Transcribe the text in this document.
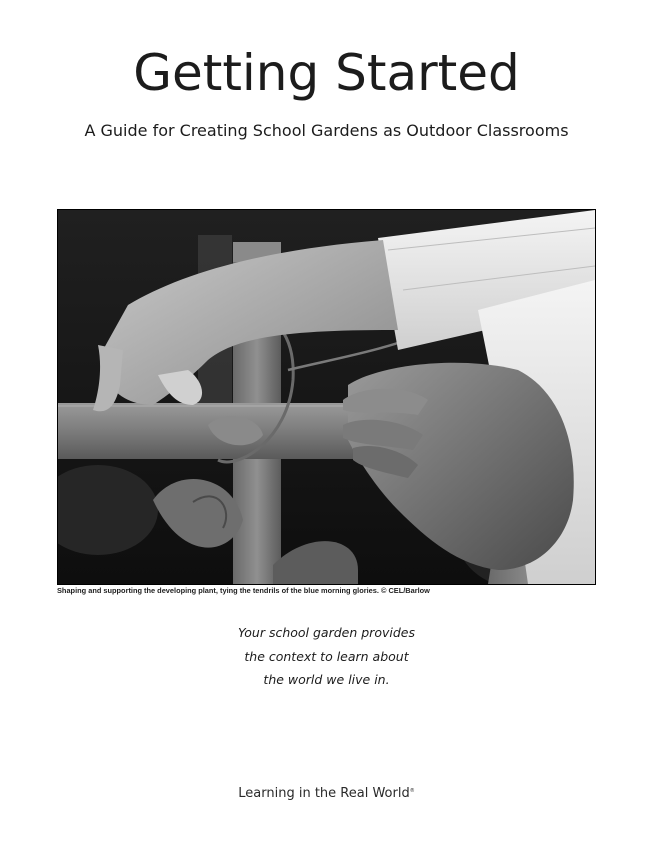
Getting Started

A Guide for Creating School Gardens as Outdoor Classrooms

Shaping and supporting the developing plant, tying the tendrils of the blue morning glories. © CEL/Barlow
Your school garden provides
the context to learn about
the world we live in.
Learning in the Real World®
